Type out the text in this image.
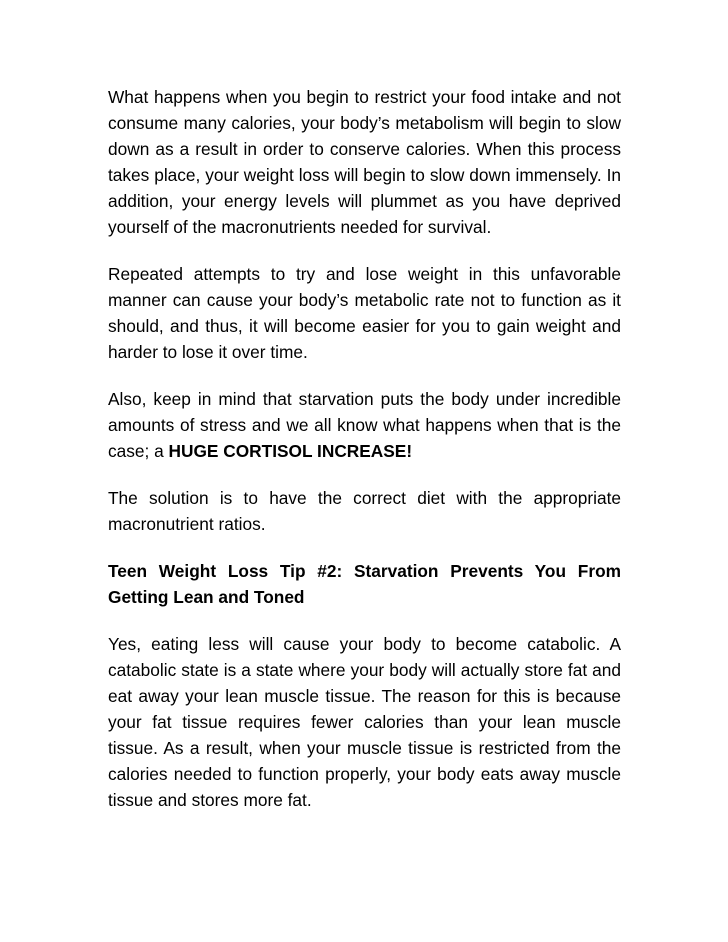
What happens when you begin to restrict your food intake and not consume many calories, your body’s metabolism will begin to slow down as a result in order to conserve calories. When this process takes place, your weight loss will begin to slow down immensely. In addition, your energy levels will plummet as you have deprived yourself of the macronutrients needed for survival.

Repeated attempts to try and lose weight in this unfavorable manner can cause your body’s metabolic rate not to function as it should, and thus, it will become easier for you to gain weight and harder to lose it over time.

Also, keep in mind that starvation puts the body under incredible amounts of stress and we all know what happens when that is the case; a HUGE CORTISOL INCREASE!

The solution is to have the correct diet with the appropriate macronutrient ratios.

Teen Weight Loss Tip #2: Starvation Prevents You From Getting Lean and Toned

Yes, eating less will cause your body to become catabolic. A catabolic state is a state where your body will actually store fat and eat away your lean muscle tissue. The reason for this is because your fat tissue requires fewer calories than your lean muscle tissue. As a result, when your muscle tissue is restricted from the calories needed to function properly, your body eats away muscle tissue and stores more fat.
